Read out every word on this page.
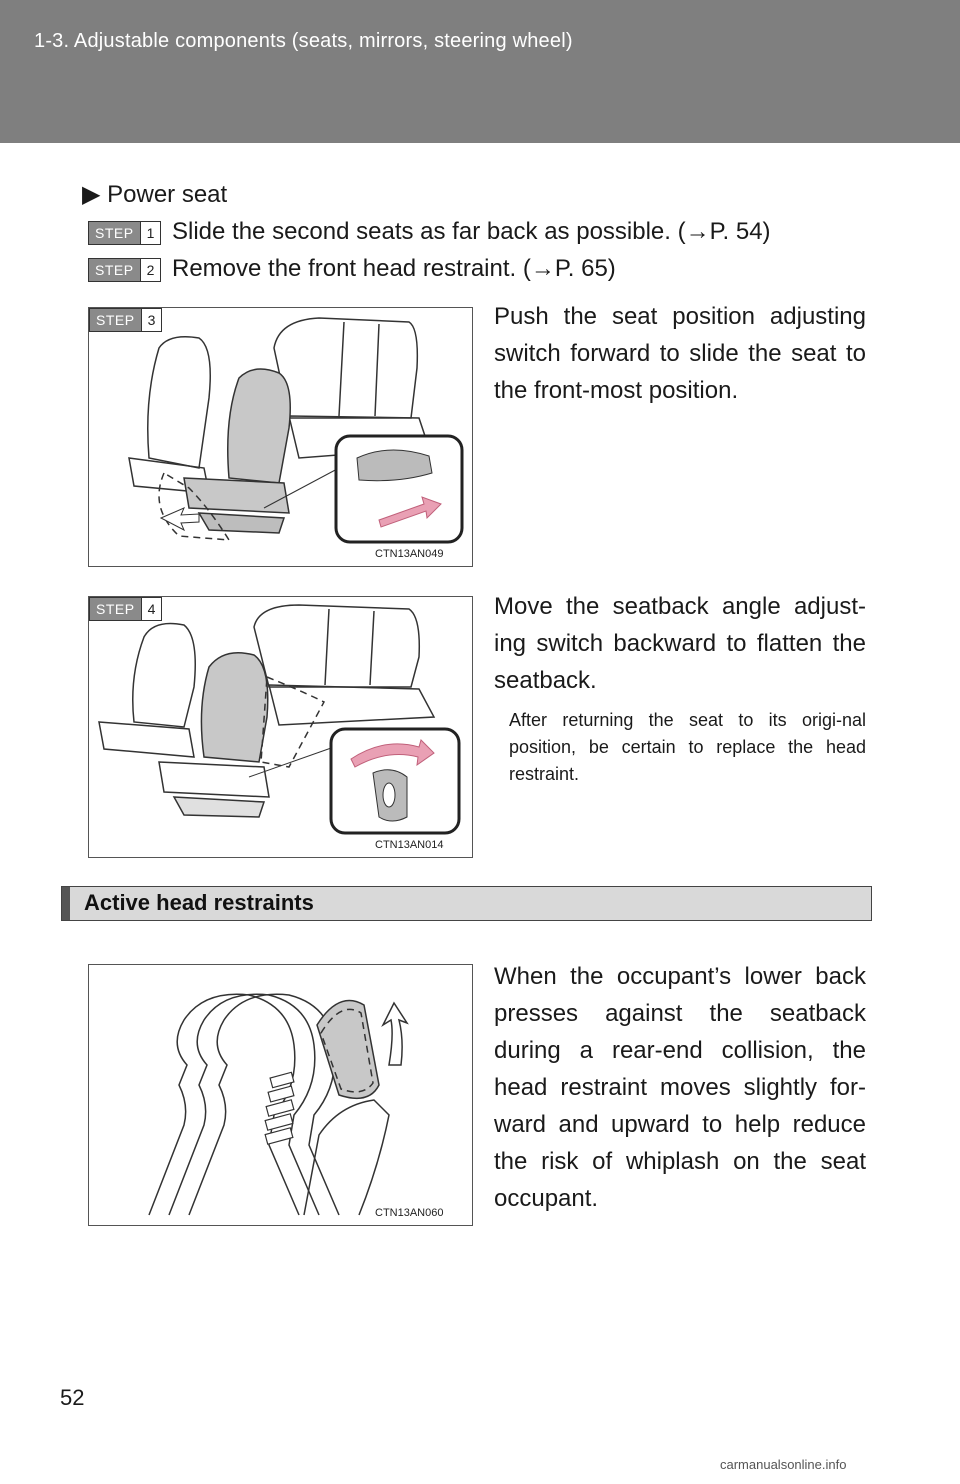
1-3. Adjustable components (seats, mirrors, steering wheel)
▶ Power seat
STEP 1 Slide the second seats as far back as possible. (→P. 54)
STEP 2 Remove the front head restraint. (→P. 65)
CTN13AN049
STEP 3	Push the seat position adjusting switch forward to slide the seat to the front-most position.
CTN13AN014
STEP 4	Move the seatback angle adjust-ing switch backward to flatten the seatback.
After returning the seat to its origi-nal position, be certain to replace the head restraint.
Active head restraints
CTN13AN060
When the occupant’s lower back presses against the seatback during a rear-end collision, the head restraint moves slightly for-ward and upward to help reduce the risk of whiplash on the seat occupant.
52
carmanualsonline.info
